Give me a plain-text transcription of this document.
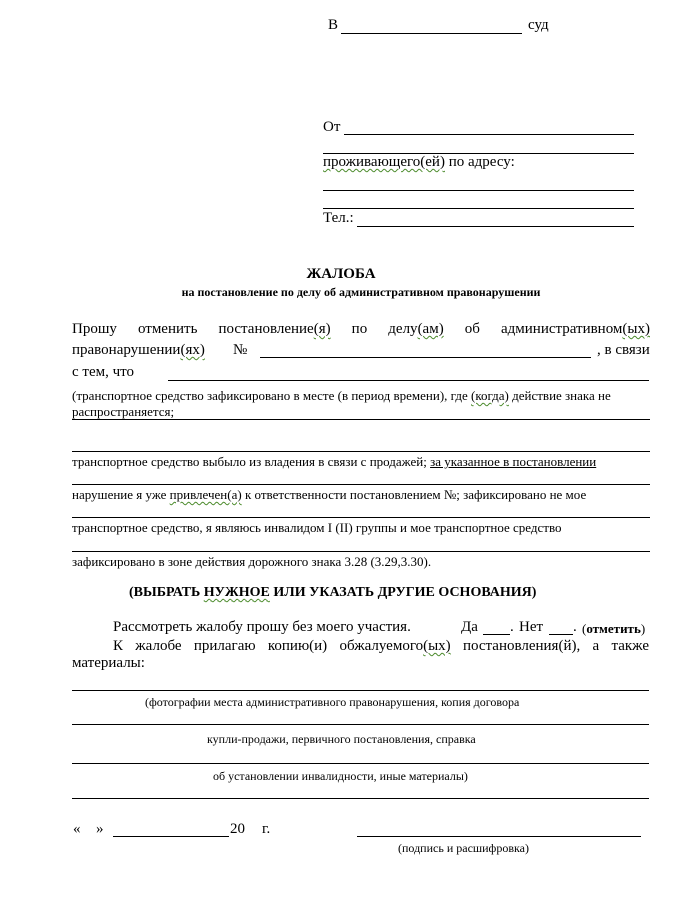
В	суд
От
проживающего(ей) по адресу:
Тел.:
ЖАЛОБА
на постановление по делу об административном правонарушении
Прошу отменить постановление(я) по делу(ам) об административном(ых)
правонарушении(ях) №	, в связи
с тем, что
(транспортное средство зафиксировано в месте (в период времени), где (когда) действие знака не
распространяется;
транспортное средство выбыло из владения в связи с продажей; за указанное в постановлении
нарушение я уже привлечен(а) к ответственности постановлением №; зафиксировано не мое
транспортное средство, я являюсь инвалидом I (II) группы и мое транспортное средство
зафиксировано в зоне действия дорожного знака 3.28 (3.29,3.30).
(ВЫБРАТЬ НУЖНОЕ ИЛИ УКАЗАТЬ ДРУГИЕ ОСНОВАНИЯ)
Рассмотреть жалобу прошу без моего участия.	Да . Нет . (отметить)
К жалобе прилагаю копию(и) обжалуемого(ых) постановления(й), а также
материалы:
(фотографии места административного правонарушения, копия договора
купли-продажи, первичного постановления, справка
об установлении инвалидности, иные материалы)
« »	20 г.
(подпись и расшифровка)
